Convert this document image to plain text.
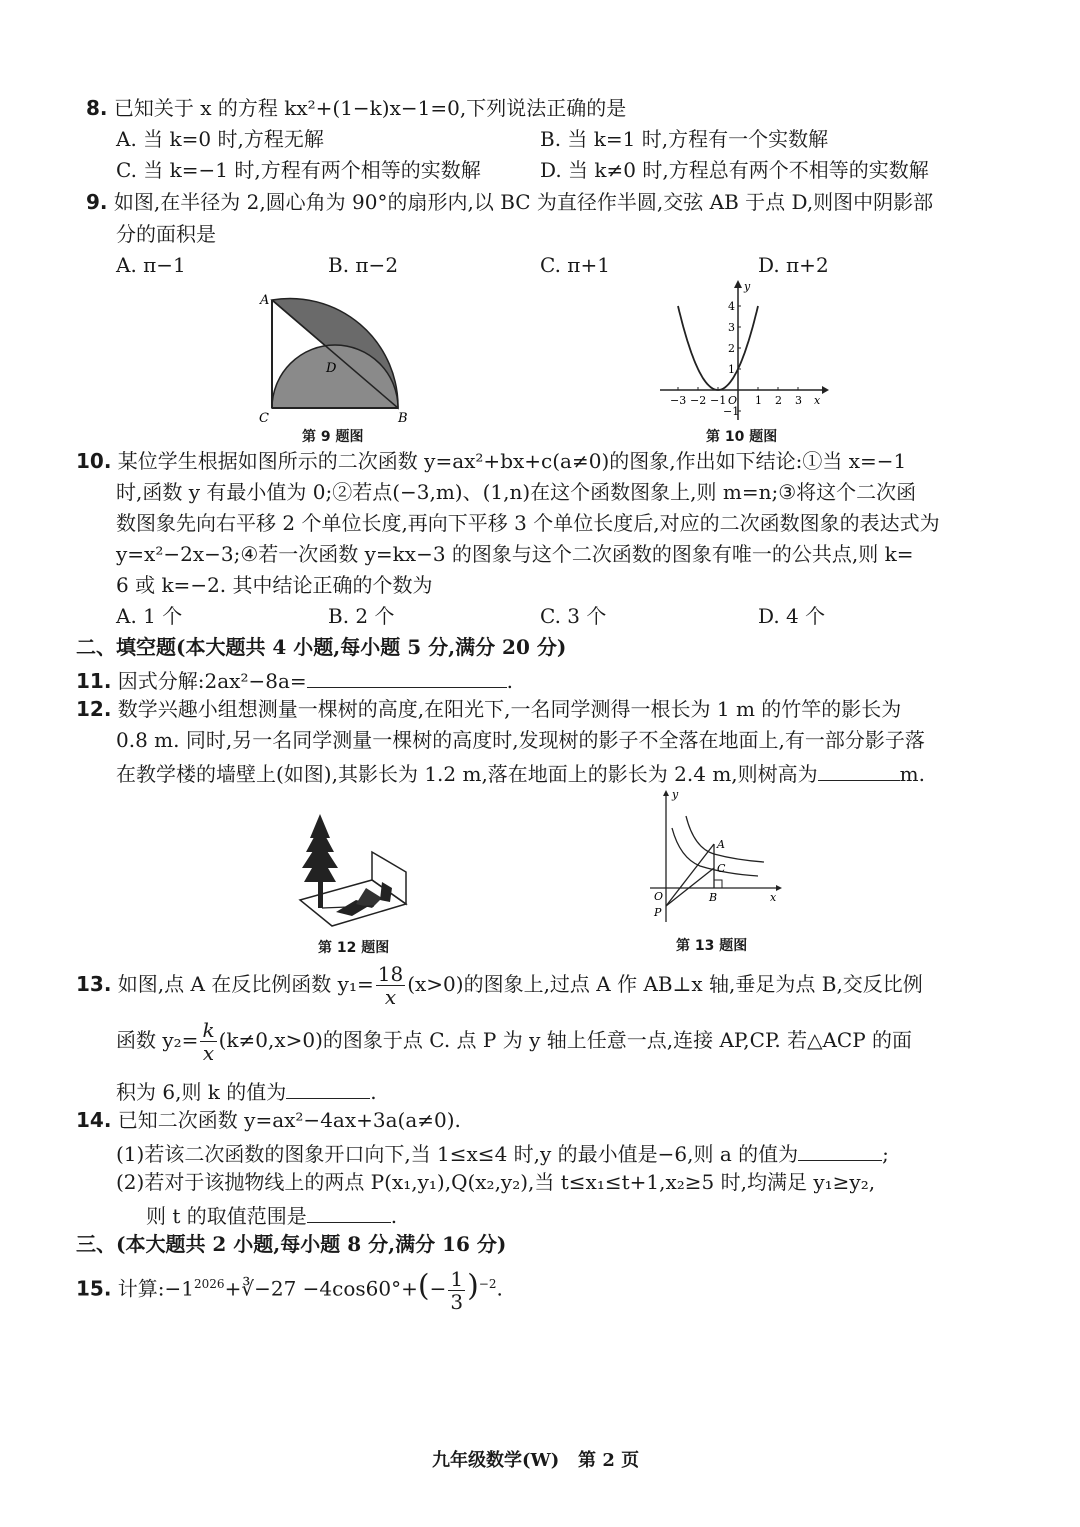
8. 已知关于 x 的方程 kx²+(1−k)x−1=0,下列说法正确的是
A. 当 k=0 时,方程无解	B. 当 k=1 时,方程有一个实数解
C. 当 k=−1 时,方程有两个相等的实数解	D. 当 k≠0 时,方程总有两个不相等的实数解
9. 如图,在半径为 2,圆心角为 90°的扇形内,以 BC 为直径作半圆,交弦 AB 于点 D,则图中阴影部
分的面积是
A. π−1	B. π−2	C. π+1	D. π+2
A
B
C
D
第 9 题图
x
y
O
−3 −2 −1	1 2 3
4
3
2
1
−1
第 10 题图
10. 某位学生根据如图所示的二次函数 y=ax²+bx+c(a≠0)的图象,作出如下结论:①当 x=−1
时,函数 y 有最小值为 0;②若点(−3,m)、(1,n)在这个函数图象上,则 m=n;③将这个二次函
数图象先向右平移 2 个单位长度,再向下平移 3 个单位长度后,对应的二次函数图象的表达式为
y=x²−2x−3;④若一次函数 y=kx−3 的图象与这个二次函数的图象有唯一的公共点,则 k=
6 或 k=−2. 其中结论正确的个数为
A. 1 个	B. 2 个	C. 3 个	D. 4 个
二、填空题(本大题共 4 小题,每小题 5 分,满分 20 分)
11. 因式分解:2ax²−8a=	.
12. 数学兴趣小组想测量一棵树的高度,在阳光下,一名同学测得一根长为 1 m 的竹竿的影长为
0.8 m. 同时,另一名同学测量一棵树的高度时,发现树的影子不全落在地面上,有一部分影子落
在教学楼的墙壁上(如图),其影长为 1.2 m,落在地面上的影长为 2.4 m,则树高为	m.
第 12 题图
A
C
B
O
P
x
y
第 13 题图
13. 如图,点 A 在反比例函数 $y_1= \frac{18}{x} (x>0)$的图象上,过点 A 作 AB⊥x 轴,垂足为点 B,交反比例
函数 $y_2= \frac{k}{x} (k\ne 0,x>0)$的图象于点 C. 点 P 为 y 轴上任意一点,连接 AP,CP. 若△ACP 的面
积为 6,则 k 的值为	.
14. 已知二次函数 y=ax²−4ax+3a(a≠0).
(1)若该二次函数的图象开口向下,当 1≤x≤4 时,y 的最小值是−6,则 a 的值为	;
(2)若对于该抛物线上的两点 P(x₁,y₁),Q(x₂,y₂),当 t≤x₁≤t+1,x₂≥5 时,均满足 y₁≥y₂,
则 t 的取值范围是	.
三、(本大题共 2 小题,每小题 8 分,满分 16 分)
15. 计算$:-1^{2026}+∛-27 -4\cos 60^\circ+(- \frac{1}{3} )^{-2}$.
九年级数学(W)   第 2 页
